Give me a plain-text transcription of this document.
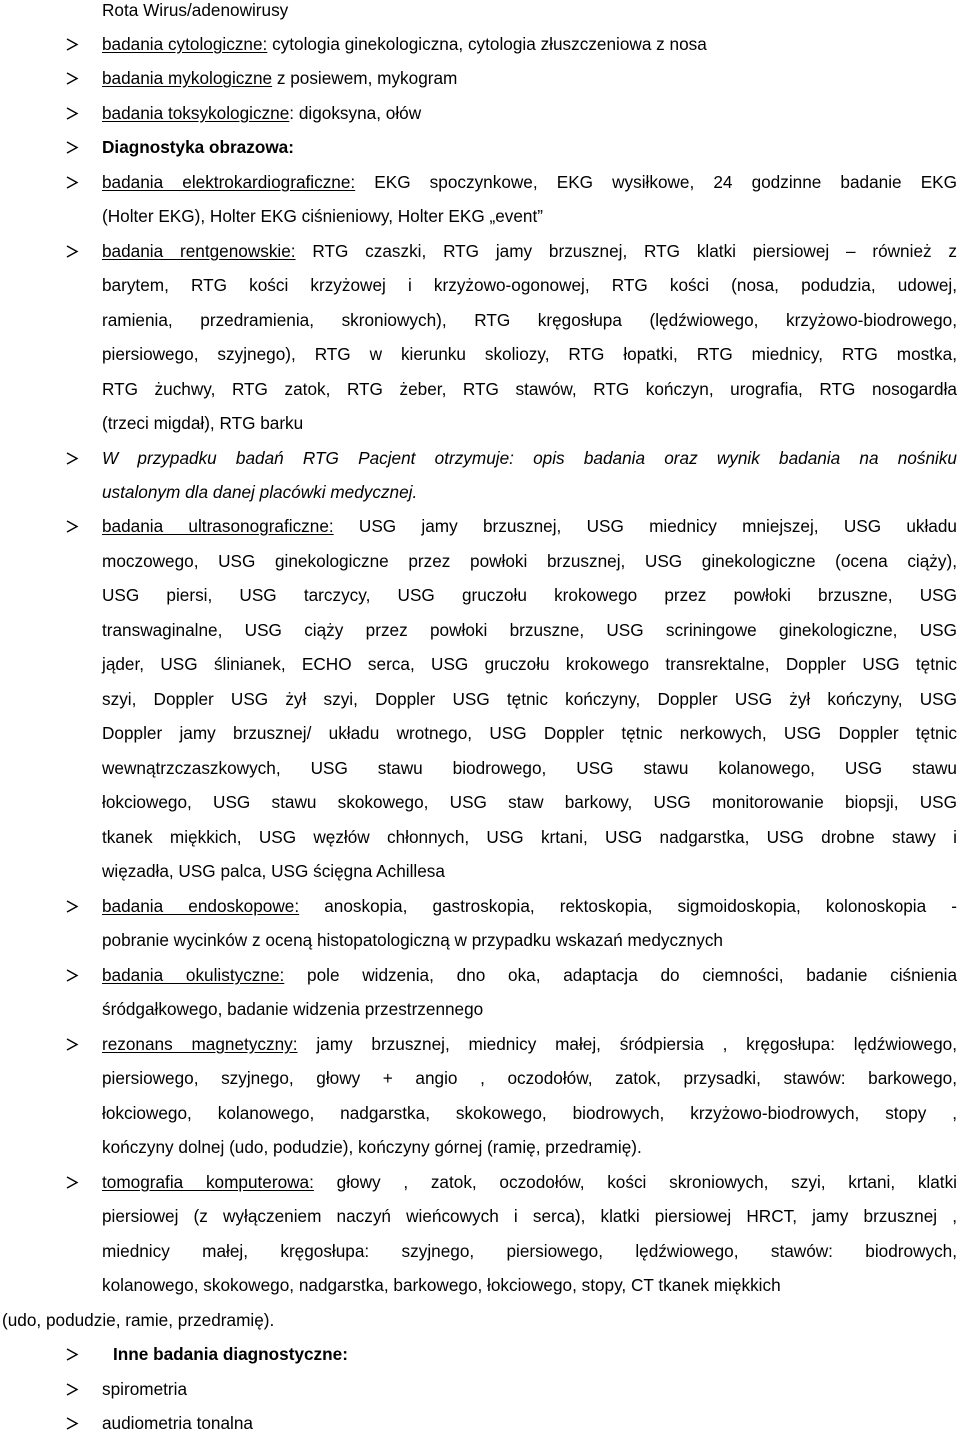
Rota Wirus/adenowirusy
badania cytologiczne: cytologia ginekologiczna, cytologia złuszczeniowa z nosa
badania mykologiczne z posiewem, mykogram
badania toksykologiczne: digoksyna, ołów
Diagnostyka obrazowa:
badania elektrokardiograficzne: EKG spoczynkowe, EKG wysiłkowe, 24 godzinne badanie EKG
(Holter EKG), Holter EKG ciśnieniowy, Holter EKG „event”
badania rentgenowskie: RTG czaszki, RTG jamy brzusznej, RTG klatki piersiowej – również z
barytem, RTG kości krzyżowej i krzyżowo-ogonowej, RTG kości (nosa, podudzia, udowej,
ramienia, przedramienia, skroniowych), RTG kręgosłupa (lędźwiowego, krzyżowo-biodrowego,
piersiowego, szyjnego), RTG w kierunku skoliozy, RTG łopatki, RTG miednicy, RTG mostka,
RTG żuchwy, RTG zatok, RTG żeber, RTG stawów, RTG kończyn, urografia, RTG nosogardła
(trzeci migdał), RTG barku
W przypadku badań RTG Pacjent otrzymuje: opis badania oraz wynik badania na nośniku
ustalonym dla danej placówki medycznej.
badania ultrasonograficzne: USG jamy brzusznej, USG miednicy mniejszej, USG układu
moczowego, USG ginekologiczne przez powłoki brzusznej, USG ginekologiczne (ocena ciąży),
USG piersi, USG tarczycy, USG gruczołu krokowego przez powłoki brzuszne, USG
transwaginalne, USG ciąży przez powłoki brzuszne, USG scriningowe ginekologiczne, USG
jąder, USG ślinianek, ECHO serca, USG gruczołu krokowego transrektalne, Doppler USG tętnic
szyi, Doppler USG żył szyi, Doppler USG tętnic kończyny, Doppler USG żył kończyny, USG
Doppler jamy brzusznej/ układu wrotnego, USG Doppler tętnic nerkowych, USG Doppler tętnic
wewnątrzczaszkowych, USG stawu biodrowego, USG stawu kolanowego, USG stawu
łokciowego, USG stawu skokowego, USG staw barkowy, USG monitorowanie biopsji, USG
tkanek miękkich, USG węzłów chłonnych, USG krtani, USG nadgarstka, USG drobne stawy i
więzadła, USG palca, USG ścięgna Achillesa
badania endoskopowe: anoskopia, gastroskopia, rektoskopia, sigmoidoskopia, kolonoskopia -
pobranie wycinków z oceną histopatologiczną w przypadku wskazań medycznych
badania okulistyczne: pole widzenia, dno oka, adaptacja do ciemności, badanie ciśnienia
śródgałkowego, badanie widzenia przestrzennego
rezonans magnetyczny: jamy brzusznej, miednicy małej, śródpiersia , kręgosłupa: lędźwiowego,
piersiowego, szyjnego, głowy + angio , oczodołów, zatok, przysadki, stawów: barkowego,
łokciowego, kolanowego, nadgarstka, skokowego, biodrowych, krzyżowo-biodrowych, stopy ,
kończyny dolnej (udo, podudzie), kończyny górnej (ramię, przedramię).
tomografia komputerowa: głowy , zatok, oczodołów, kości skroniowych, szyi, krtani, klatki
piersiowej (z wyłączeniem naczyń wieńcowych i serca), klatki piersiowej HRCT, jamy brzusznej ,
miednicy małej, kręgosłupa: szyjnego, piersiowego, lędźwiowego, stawów: biodrowych,
kolanowego, skokowego, nadgarstka, barkowego, łokciowego, stopy, CT tkanek miękkich
(udo, podudzie, ramie, przedramię).
Inne badania diagnostyczne:
spirometria
audiometria tonalna
